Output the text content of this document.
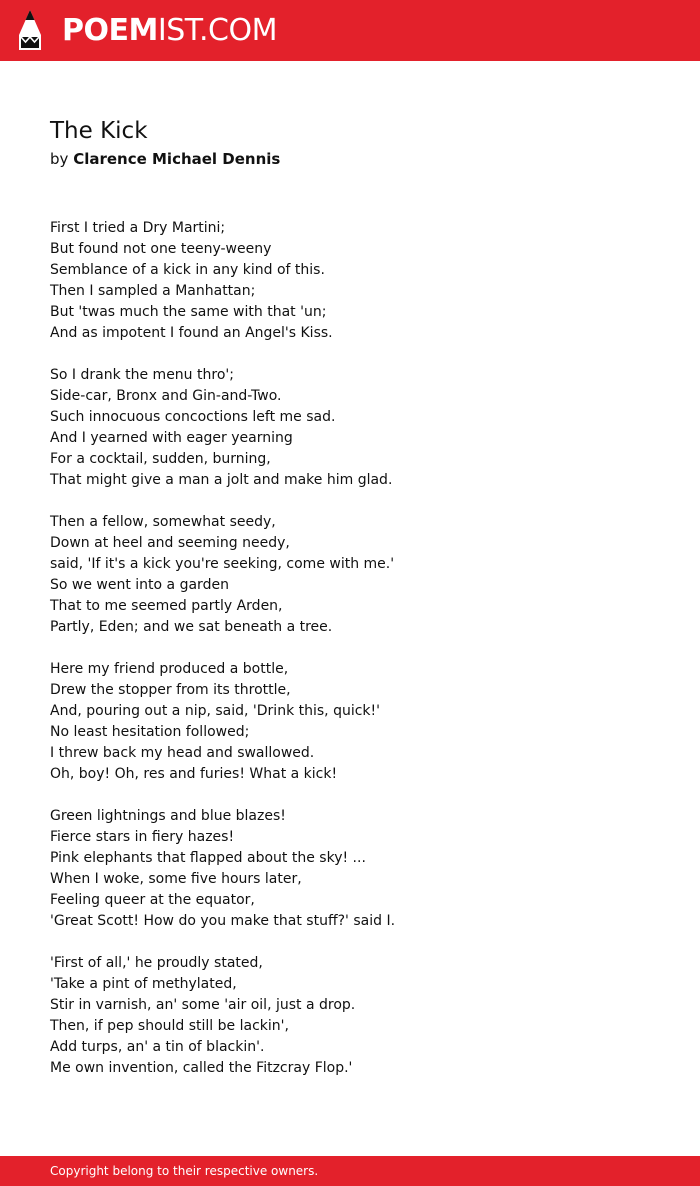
POEMIST.COM
The Kick
by Clarence Michael Dennis
First I tried a Dry Martini;
But found not one teeny-weeny
Semblance of a kick in any kind of this.
Then I sampled a Manhattan;
But 'twas much the same with that 'un;
And as impotent I found an Angel's Kiss.
So I drank the menu thro';
Side-car, Bronx and Gin-and-Two.
Such innocuous concoctions left me sad.
And I yearned with eager yearning
For a cocktail, sudden, burning,
That might give a man a jolt and make him glad.
Then a fellow, somewhat seedy,
Down at heel and seeming needy,
said, 'If it's a kick you're seeking, come with me.'
So we went into a garden
That to me seemed partly Arden,
Partly, Eden; and we sat beneath a tree.
Here my friend produced a bottle,
Drew the stopper from its throttle,
And, pouring out a nip, said, 'Drink this, quick!'
No least hesitation followed;
I threw back my head and swallowed.
Oh, boy! Oh, res and furies! What a kick!
Green lightnings and blue blazes!
Fierce stars in fiery hazes!
Pink elephants that flapped about the sky! ...
When I woke, some five hours later,
Feeling queer at the equator,
'Great Scott! How do you make that stuff?' said I.
'First of all,' he proudly stated,
'Take a pint of methylated,
Stir in varnish, an' some 'air oil, just a drop.
Then, if pep should still be lackin',
Add turps, an' a tin of blackin'.
Me own invention, called the Fitzcray Flop.'
Copyright belong to their respective owners.
